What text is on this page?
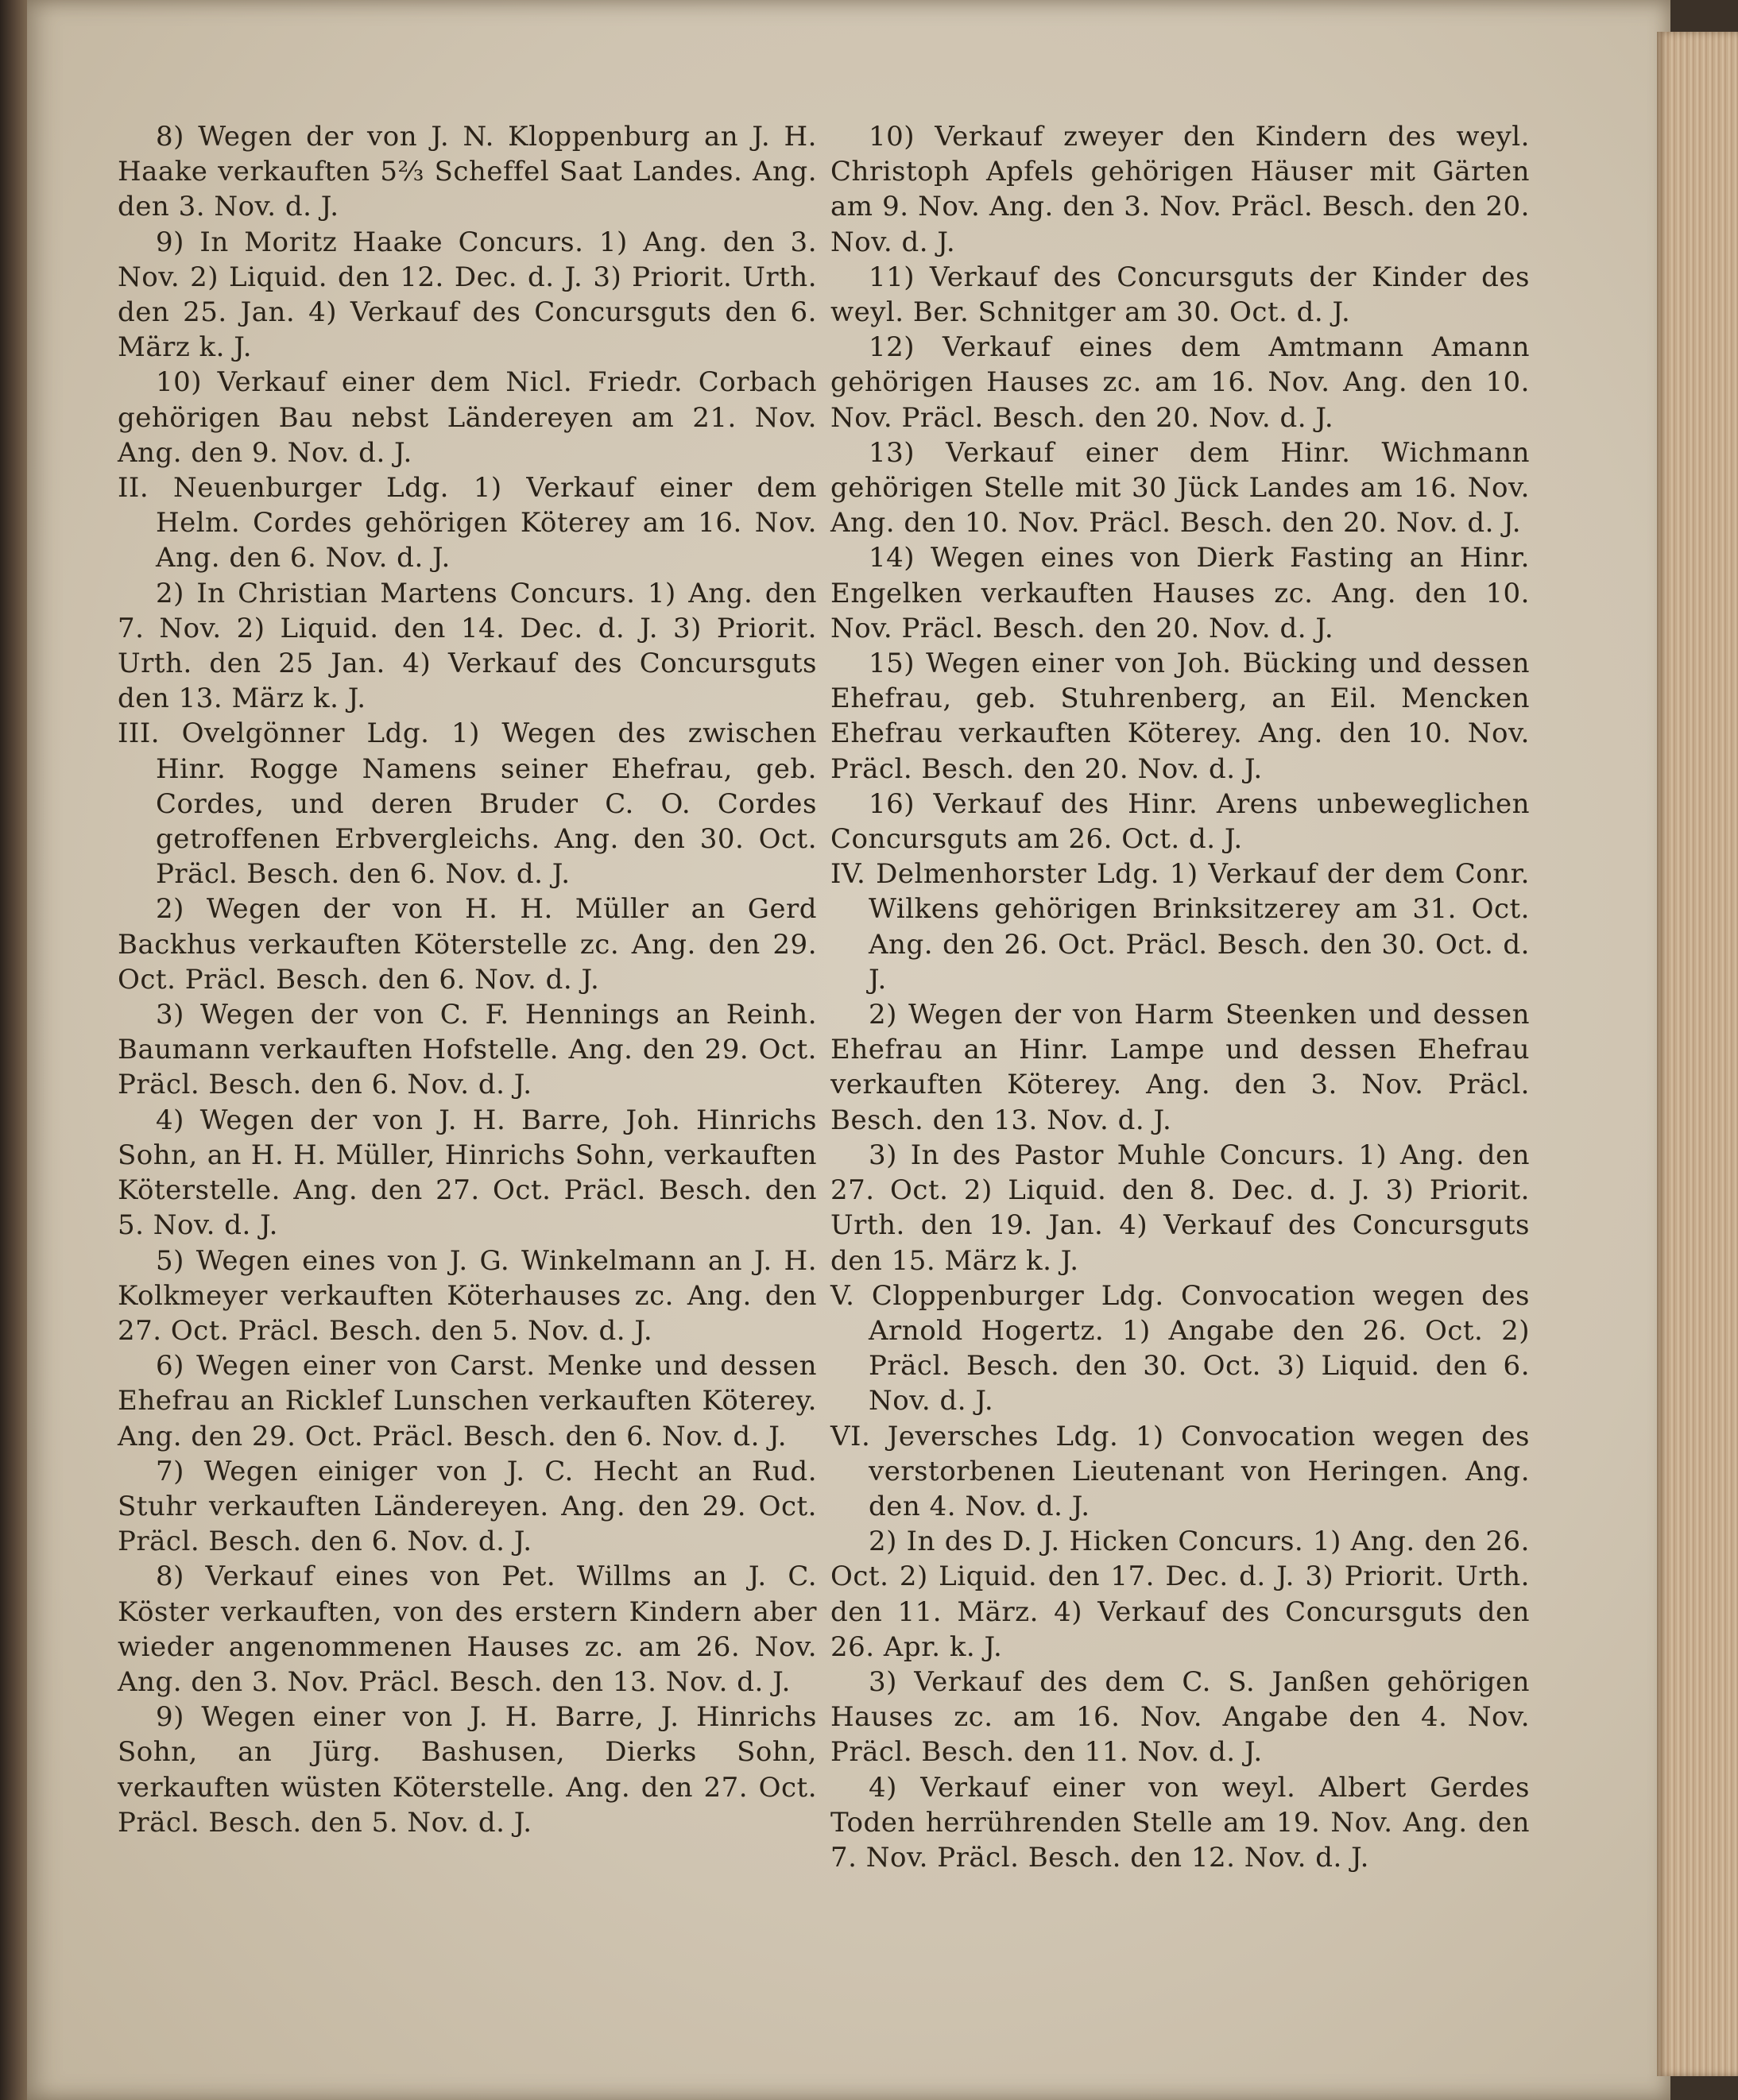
8) Wegen der von J. N. Kloppenburg an J. H. Haake verkauften 5⅔ Scheffel Saat Landes. Ang. den 3. Nov. d. J.

9) In Moritz Haake Concurs. 1) Ang. den 3. Nov. 2) Liquid. den 12. Dec. d. J. 3) Priorit. Urth. den 25. Jan. 4) Verkauf des Concursguts den 6. März k. J.

10) Verkauf einer dem Nicl. Friedr. Corbach gehörigen Bau nebst Ländereyen am 21. Nov. Ang. den 9. Nov. d. J.

II. Neuenburger Ldg. 1) Verkauf einer dem Helm. Cordes gehörigen Köterey am 16. Nov. Ang. den 6. Nov. d. J.

2) In Christian Martens Concurs. 1) Ang. den 7. Nov. 2) Liquid. den 14. Dec. d. J. 3) Priorit. Urth. den 25 Jan. 4) Verkauf des Concursguts den 13. März k. J.

III. Ovelgönner Ldg. 1) Wegen des zwischen Hinr. Rogge Namens seiner Ehefrau, geb. Cordes, und deren Bruder C. O. Cordes getroffenen Erbvergleichs. Ang. den 30. Oct. Präcl. Besch. den 6. Nov. d. J.

2) Wegen der von H. H. Müller an Gerd Backhus verkauften Köterstelle zc. Ang. den 29. Oct. Präcl. Besch. den 6. Nov. d. J.

3) Wegen der von C. F. Hennings an Reinh. Baumann verkauften Hofstelle. Ang. den 29. Oct. Präcl. Besch. den 6. Nov. d. J.

4) Wegen der von J. H. Barre, Joh. Hinrichs Sohn, an H. H. Müller, Hinrichs Sohn, verkauften Köterstelle. Ang. den 27. Oct. Präcl. Besch. den 5. Nov. d. J.

5) Wegen eines von J. G. Winkelmann an J. H. Kolkmeyer verkauften Köterhauses zc. Ang. den 27. Oct. Präcl. Besch. den 5. Nov. d. J.

6) Wegen einer von Carst. Menke und dessen Ehefrau an Ricklef Lunschen verkauften Köterey. Ang. den 29. Oct. Präcl. Besch. den 6. Nov. d. J.

7) Wegen einiger von J. C. Hecht an Rud. Stuhr verkauften Ländereyen. Ang. den 29. Oct. Präcl. Besch. den 6. Nov. d. J.

8) Verkauf eines von Pet. Willms an J. C. Köster verkauften, von des erstern Kindern aber wieder angenommenen Hauses zc. am 26. Nov. Ang. den 3. Nov. Präcl. Besch. den 13. Nov. d. J.

9) Wegen einer von J. H. Barre, J. Hinrichs Sohn, an Jürg. Bashusen, Dierks Sohn, verkauften wüsten Köterstelle. Ang. den 27. Oct. Präcl. Besch. den 5. Nov. d. J.

10) Verkauf zweyer den Kindern des weyl. Christoph Apfels gehörigen Häuser mit Gärten am 9. Nov. Ang. den 3. Nov. Präcl. Besch. den 20. Nov. d. J.

11) Verkauf des Concursguts der Kinder des weyl. Ber. Schnitger am 30. Oct. d. J.

12) Verkauf eines dem Amtmann Amann gehörigen Hauses zc. am 16. Nov. Ang. den 10. Nov. Präcl. Besch. den 20. Nov. d. J.

13) Verkauf einer dem Hinr. Wichmann gehörigen Stelle mit 30 Jück Landes am 16. Nov. Ang. den 10. Nov. Präcl. Besch. den 20. Nov. d. J.

14) Wegen eines von Dierk Fasting an Hinr. Engelken verkauften Hauses zc. Ang. den 10. Nov. Präcl. Besch. den 20. Nov. d. J.

15) Wegen einer von Joh. Bücking und dessen Ehefrau, geb. Stuhrenberg, an Eil. Mencken Ehefrau verkauften Köterey. Ang. den 10. Nov. Präcl. Besch. den 20. Nov. d. J.

16) Verkauf des Hinr. Arens unbeweglichen Concursguts am 26. Oct. d. J.

IV. Delmenhorster Ldg. 1) Verkauf der dem Conr. Wilkens gehörigen Brinksitzerey am 31. Oct. Ang. den 26. Oct. Präcl. Besch. den 30. Oct. d. J.

2) Wegen der von Harm Steenken und dessen Ehefrau an Hinr. Lampe und dessen Ehefrau verkauften Köterey. Ang. den 3. Nov. Präcl. Besch. den 13. Nov. d. J.

3) In des Pastor Muhle Concurs. 1) Ang. den 27. Oct. 2) Liquid. den 8. Dec. d. J. 3) Priorit. Urth. den 19. Jan. 4) Verkauf des Concursguts den 15. März k. J.

V. Cloppenburger Ldg. Convocation wegen des Arnold Hogertz. 1) Angabe den 26. Oct. 2) Präcl. Besch. den 30. Oct. 3) Liquid. den 6. Nov. d. J.

VI. Jeversches Ldg. 1) Convocation wegen des verstorbenen Lieutenant von Heringen. Ang. den 4. Nov. d. J.

2) In des D. J. Hicken Concurs. 1) Ang. den 26. Oct. 2) Liquid. den 17. Dec. d. J. 3) Priorit. Urth. den 11. März. 4) Verkauf des Concursguts den 26. Apr. k. J.

3) Verkauf des dem C. S. Janßen gehörigen Hauses zc. am 16. Nov. Angabe den 4. Nov. Präcl. Besch. den 11. Nov. d. J.

4) Verkauf einer von weyl. Albert Gerdes Toden herrührenden Stelle am 19. Nov. Ang. den 7. Nov. Präcl. Besch. den 12. Nov. d. J.
